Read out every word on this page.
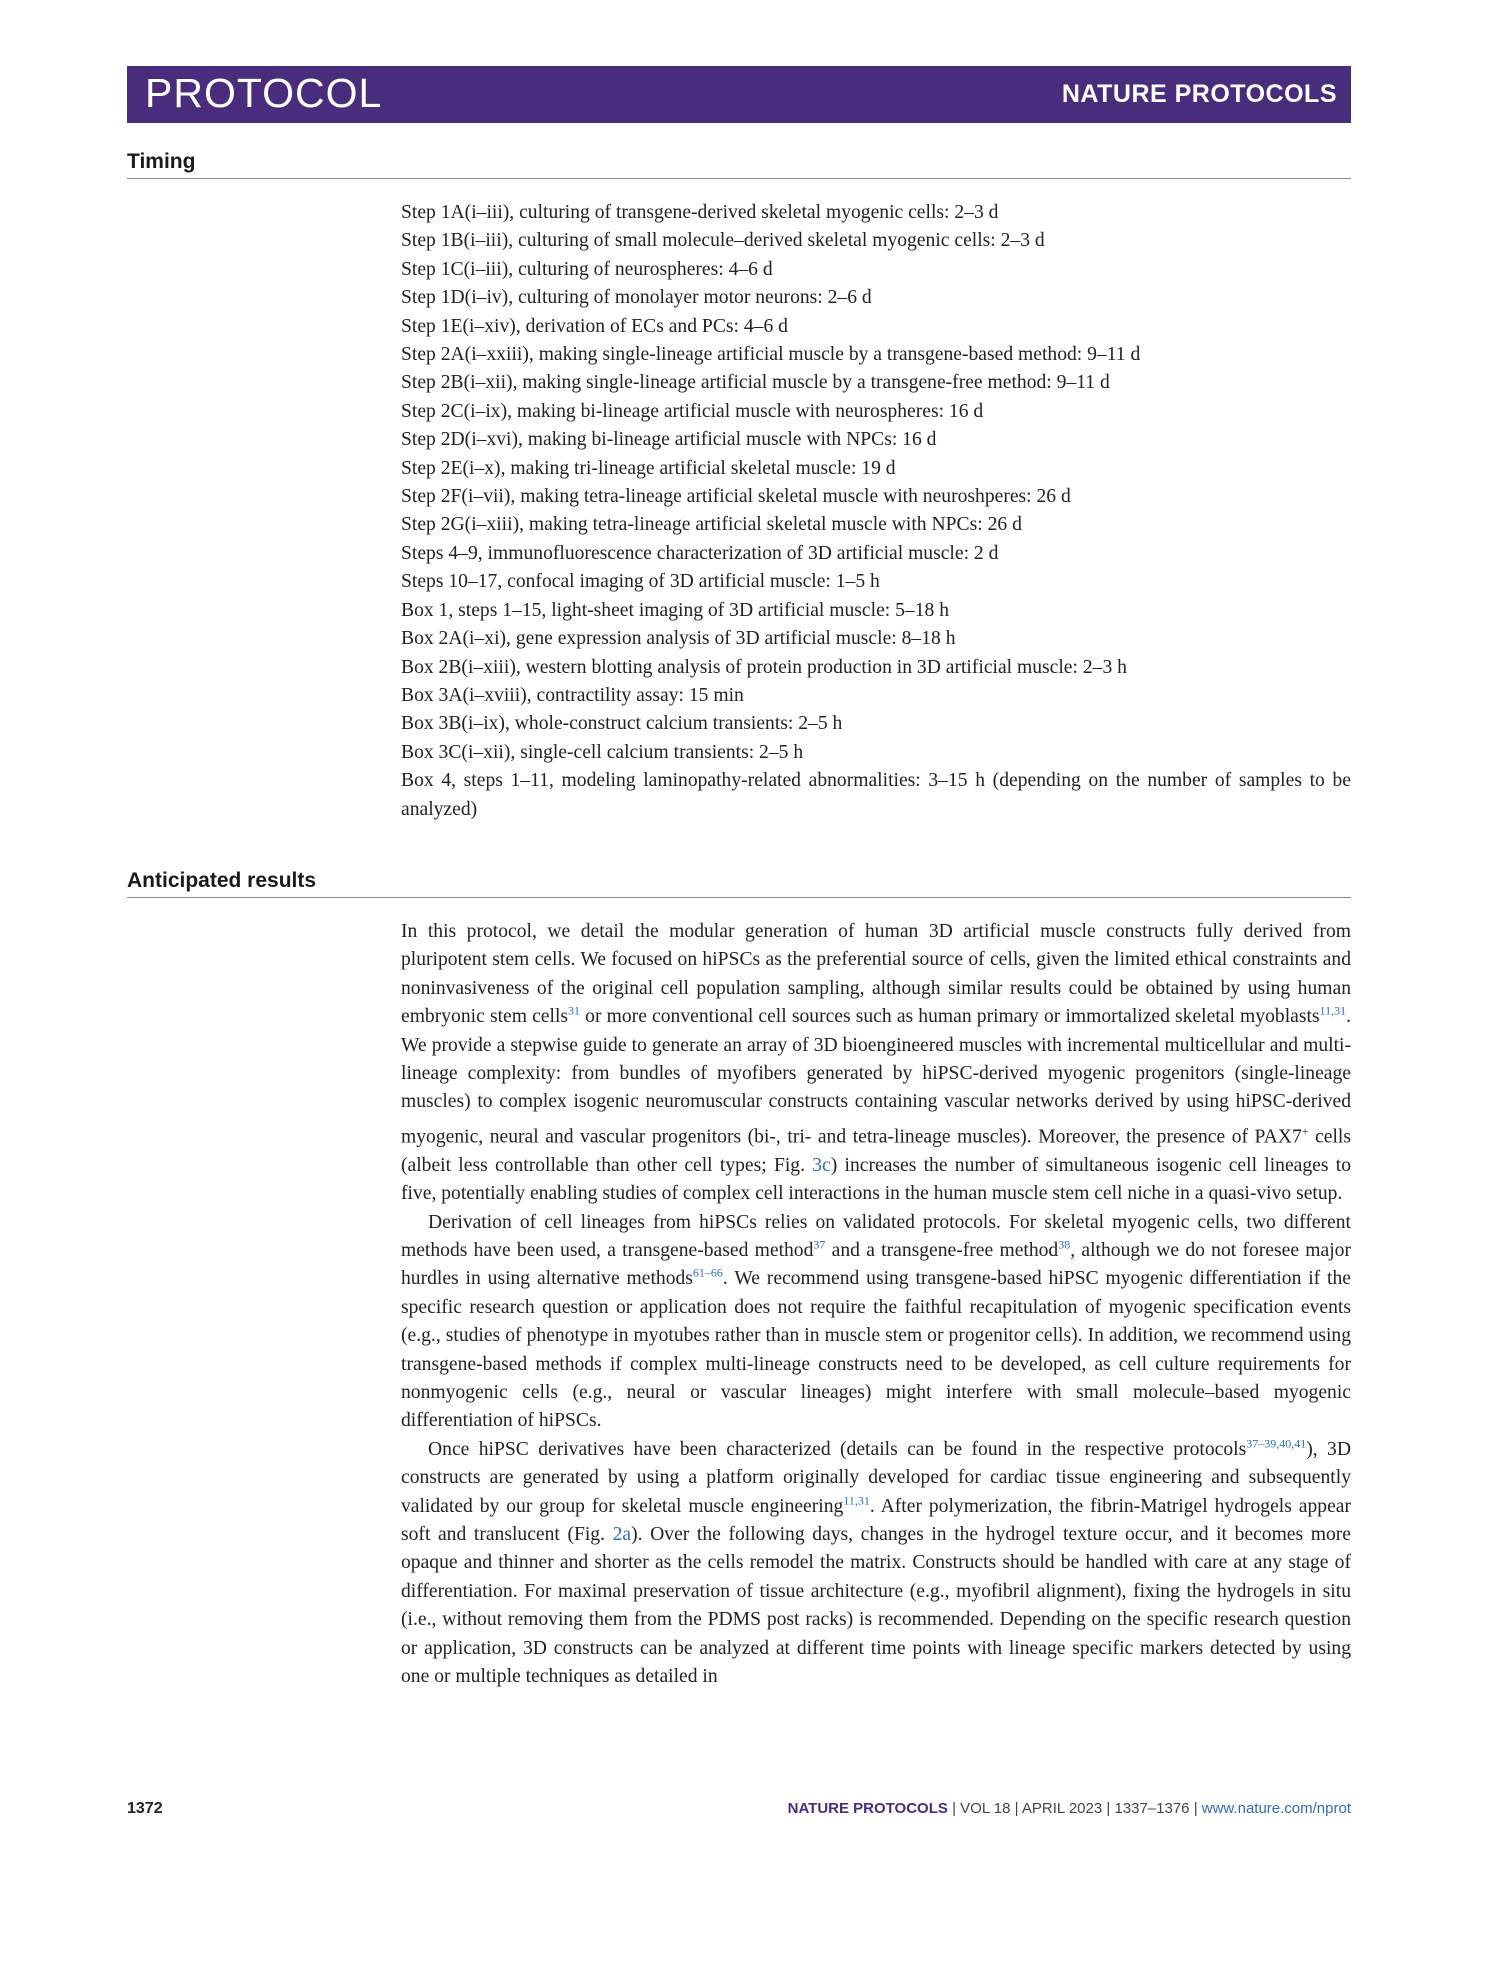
PROTOCOL	NATURE PROTOCOLS
Timing
Step 1A(i–iii), culturing of transgene-derived skeletal myogenic cells: 2–3 d
Step 1B(i–iii), culturing of small molecule–derived skeletal myogenic cells: 2–3 d
Step 1C(i–iii), culturing of neurospheres: 4–6 d
Step 1D(i–iv), culturing of monolayer motor neurons: 2–6 d
Step 1E(i–xiv), derivation of ECs and PCs: 4–6 d
Step 2A(i–xxiii), making single-lineage artificial muscle by a transgene-based method: 9–11 d
Step 2B(i–xii), making single-lineage artificial muscle by a transgene-free method: 9–11 d
Step 2C(i–ix), making bi-lineage artificial muscle with neurospheres: 16 d
Step 2D(i–xvi), making bi-lineage artificial muscle with NPCs: 16 d
Step 2E(i–x), making tri-lineage artificial skeletal muscle: 19 d
Step 2F(i–vii), making tetra-lineage artificial skeletal muscle with neuroshperes: 26 d
Step 2G(i–xiii), making tetra-lineage artificial skeletal muscle with NPCs: 26 d
Steps 4–9, immunofluorescence characterization of 3D artificial muscle: 2 d
Steps 10–17, confocal imaging of 3D artificial muscle: 1–5 h
Box 1, steps 1–15, light-sheet imaging of 3D artificial muscle: 5–18 h
Box 2A(i–xi), gene expression analysis of 3D artificial muscle: 8–18 h
Box 2B(i–xiii), western blotting analysis of protein production in 3D artificial muscle: 2–3 h
Box 3A(i–xviii), contractility assay: 15 min
Box 3B(i–ix), whole-construct calcium transients: 2–5 h
Box 3C(i–xii), single-cell calcium transients: 2–5 h
Box 4, steps 1–11, modeling laminopathy-related abnormalities: 3–15 h (depending on the number of samples to be analyzed)
Anticipated results

In this protocol, we detail the modular generation of human 3D artificial muscle constructs fully derived from pluripotent stem cells. We focused on hiPSCs as the preferential source of cells, given the limited ethical constraints and noninvasiveness of the original cell population sampling, although similar results could be obtained by using human embryonic stem cells$^{31}$ or more conventional cell sources such as human primary or immortalized skeletal myoblasts$^{11,31}$. We provide a stepwise guide to generate an array of 3D bioengineered muscles with incremental multicellular and multi-lineage complexity: from bundles of myofibers generated by hiPSC-derived myogenic progenitors (single-lineage muscles) to complex isogenic neuromuscular constructs containing vascular networks derived by using hiPSC-derived myogenic, neural and vascular progenitors (bi-, tri- and tetra-lineage muscles). Moreover, the presence of PAX7+ cells (albeit less controllable than other cell types; Fig. 3c) increases the number of simultaneous isogenic cell lineages to five, potentially enabling studies of complex cell interactions in the human muscle stem cell niche in a quasi-vivo setup.

Derivation of cell lineages from hiPSCs relies on validated protocols. For skeletal myogenic cells, two different methods have been used, a transgene-based method$^{37}$ and a transgene-free method$^{38}$, although we do not foresee major hurdles in using alternative methods$^{61-66}$. We recommend using transgene-based hiPSC myogenic differentiation if the specific research question or application does not require the faithful recapitulation of myogenic specification events (e.g., studies of phenotype in myotubes rather than in muscle stem or progenitor cells). In addition, we recommend using transgene-based methods if complex multi-lineage constructs need to be developed, as cell culture requirements for nonmyogenic cells (e.g., neural or vascular lineages) might interfere with small molecule–based myogenic differentiation of hiPSCs.

Once hiPSC derivatives have been characterized (details can be found in the respective protocols$^{37-39,40,41}$), 3D constructs are generated by using a platform originally developed for cardiac tissue engineering and subsequently validated by our group for skeletal muscle engineering$^{11,31}$. After polymerization, the fibrin-Matrigel hydrogels appear soft and translucent (Fig. 2a). Over the following days, changes in the hydrogel texture occur, and it becomes more opaque and thinner and shorter as the cells remodel the matrix. Constructs should be handled with care at any stage of differentiation. For maximal preservation of tissue architecture (e.g., myofibril alignment), fixing the hydrogels in situ (i.e., without removing them from the PDMS post racks) is recommended. Depending on the specific research question or application, 3D constructs can be analyzed at different time points with lineage specific markers detected by using one or multiple techniques as detailed in

1372	NATURE PROTOCOLS | VOL 18 | APRIL 2023 | 1337–1376 | www.nature.com/nprot
